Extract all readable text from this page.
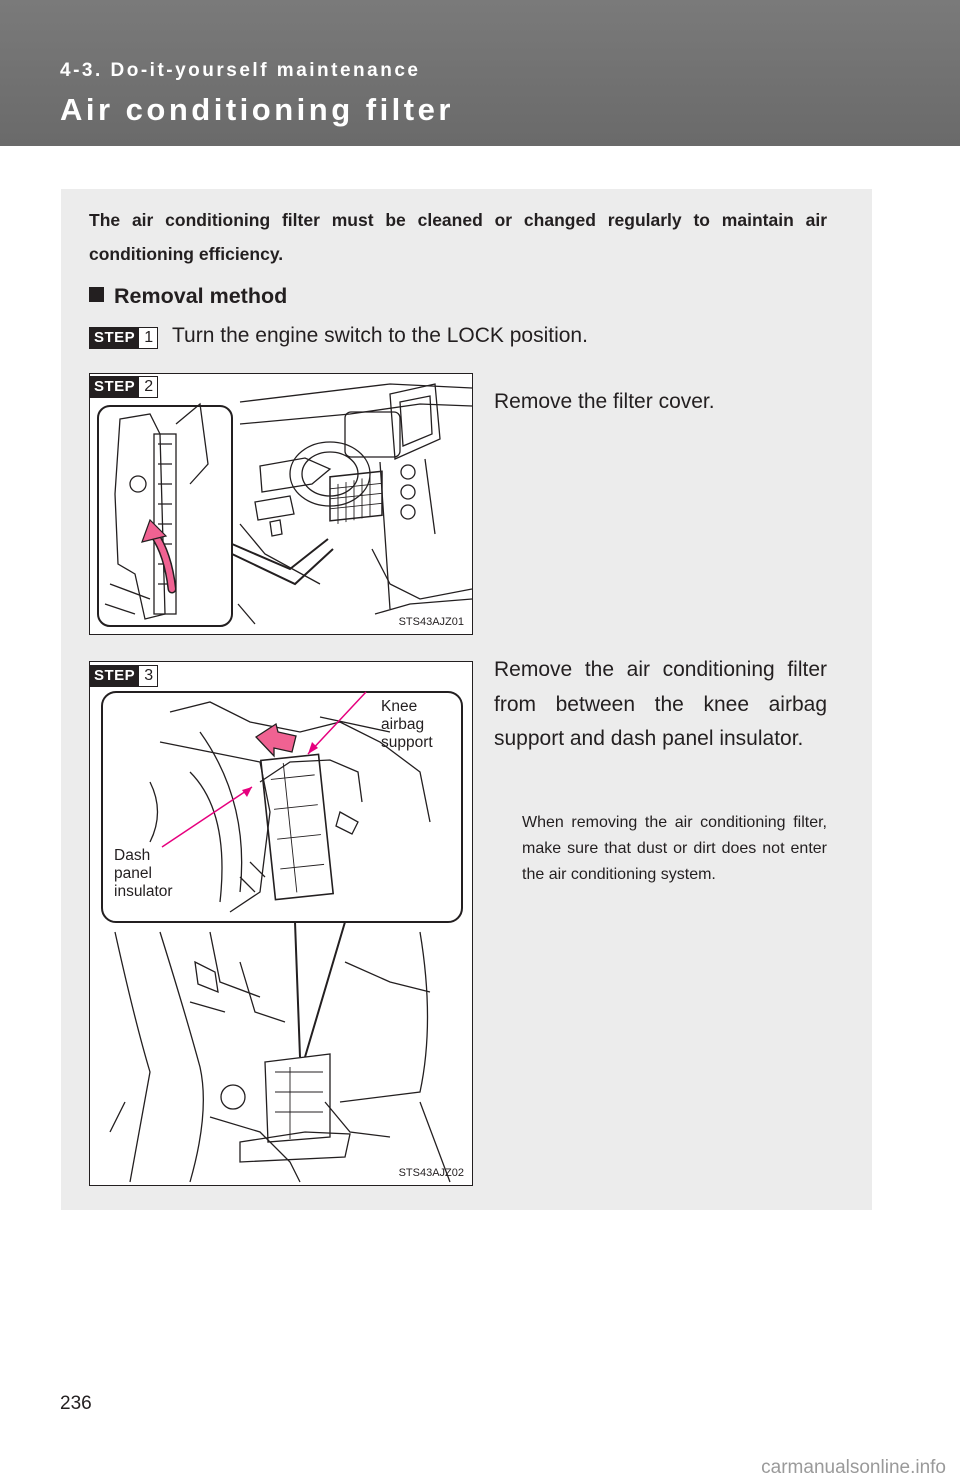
4-3. Do-it-yourself maintenance
Air conditioning filter
The air conditioning filter must be cleaned or changed regularly to maintain air conditioning efficiency.
Removal method
STEP 1 Turn the engine switch to the LOCK position.
STS43AJZ01
STEP 2
Remove the filter cover.
STS43AJZ02
STEP 3
Knee airbag support
Dash panel insulator
Remove the air conditioning filter from between the knee airbag support and dash panel insulator.
When removing the air conditioning filter, make sure that dust or dirt does not enter the air conditioning system.
236
carmanualsonline.info
